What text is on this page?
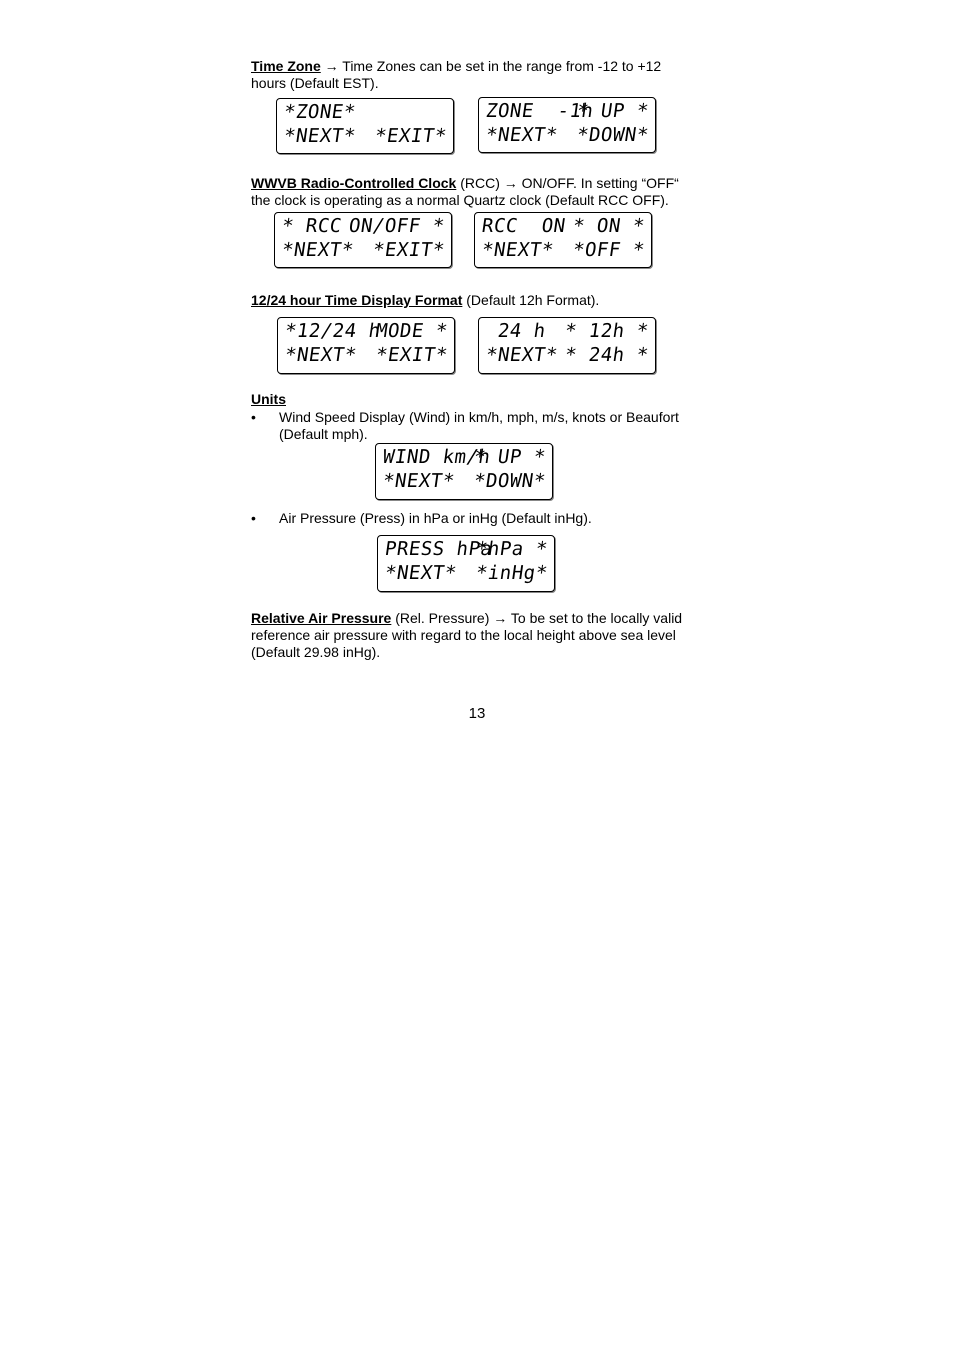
Time Zone → Time Zones can be set in the range from -12 to +12
hours (Default EST).
*ZONE*
*NEXT* *EXIT*
ZONE  -1h
* UP *
*NEXT* *DOWN*
WWVB Radio-Controlled Clock (RCC) → ON/OFF. In setting “OFF“
the clock is operating as a normal Quartz clock (Default RCC OFF).
* RCC ON/OFF *
*NEXT* *EXIT*
RCC  ON * ON *
*NEXT* *OFF *
12/24 hour Time Display Format (Default 12h Format).
*12/24 h
MODE *
*NEXT* *EXIT*
24 h * 12h *
*NEXT* * 24h *
Units
• Wind Speed Display (Wind) in km/h, mph, m/s, knots or Beaufort
(Default mph).
WIND km/h
* UP *
*NEXT* *DOWN*
• Air Pressure (Press) in hPa or inHg (Default inHg).
PRESS hPa
*hPa *
*NEXT* *inHg*
Relative Air Pressure (Rel. Pressure) → To be set to the locally valid
reference air pressure with regard to the local height above sea level
(Default 29.98 inHg).
13
